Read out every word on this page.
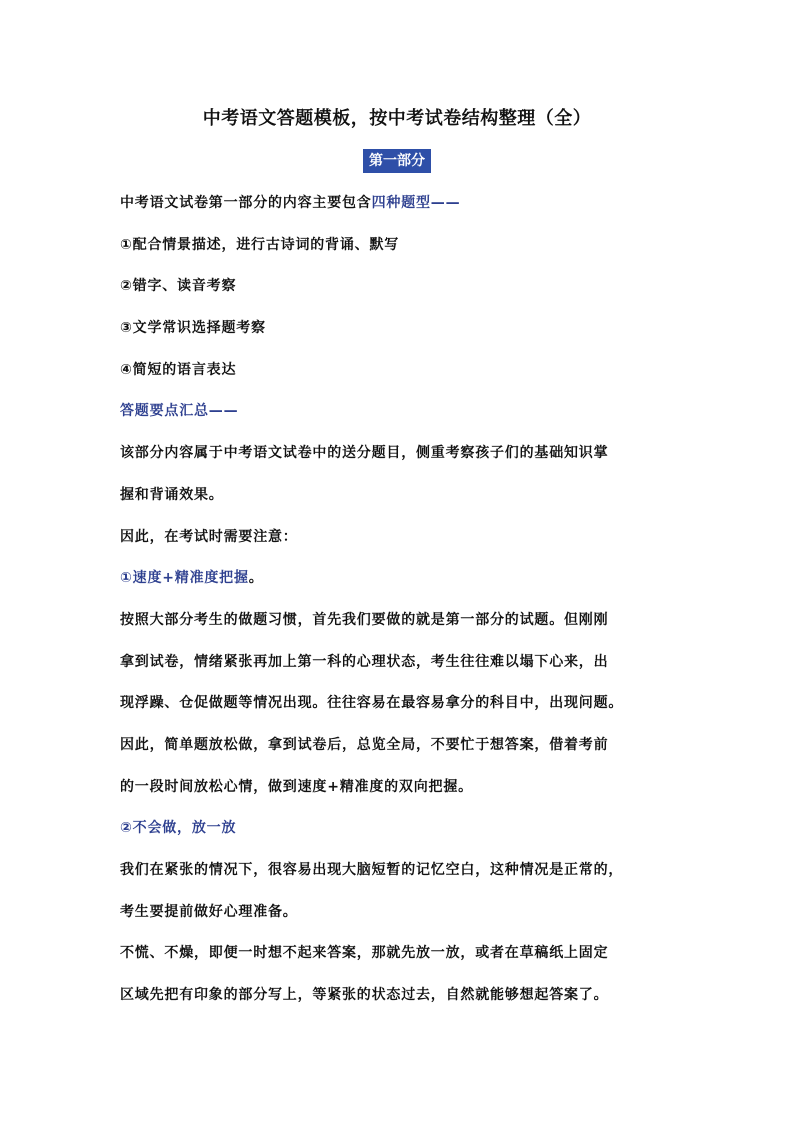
中考语文答题模板，按中考试卷结构整理（全）
第一部分
中考语文试卷第一部分的内容主要包含四种题型——
①配合情景描述，进行古诗词的背诵、默写
②错字、读音考察
③文学常识选择题考察
④简短的语言表达
答题要点汇总——
该部分内容属于中考语文试卷中的送分题目，侧重考察孩子们的基础知识掌
握和背诵效果。
因此，在考试时需要注意：
①速度+精准度把握。
按照大部分考生的做题习惯，首先我们要做的就是第一部分的试题。但刚刚
拿到试卷，情绪紧张再加上第一科的心理状态，考生往往难以塌下心来，出
现浮躁、仓促做题等情况出现。往往容易在最容易拿分的科目中，出现问题。
因此，简单题放松做，拿到试卷后，总览全局，不要忙于想答案，借着考前
的一段时间放松心情，做到速度+精准度的双向把握。
②不会做，放一放
我们在紧张的情况下，很容易出现大脑短暂的记忆空白，这种情况是正常的，
考生要提前做好心理准备。
不慌、不燥，即便一时想不起来答案，那就先放一放，或者在草稿纸上固定
区域先把有印象的部分写上，等紧张的状态过去，自然就能够想起答案了。
